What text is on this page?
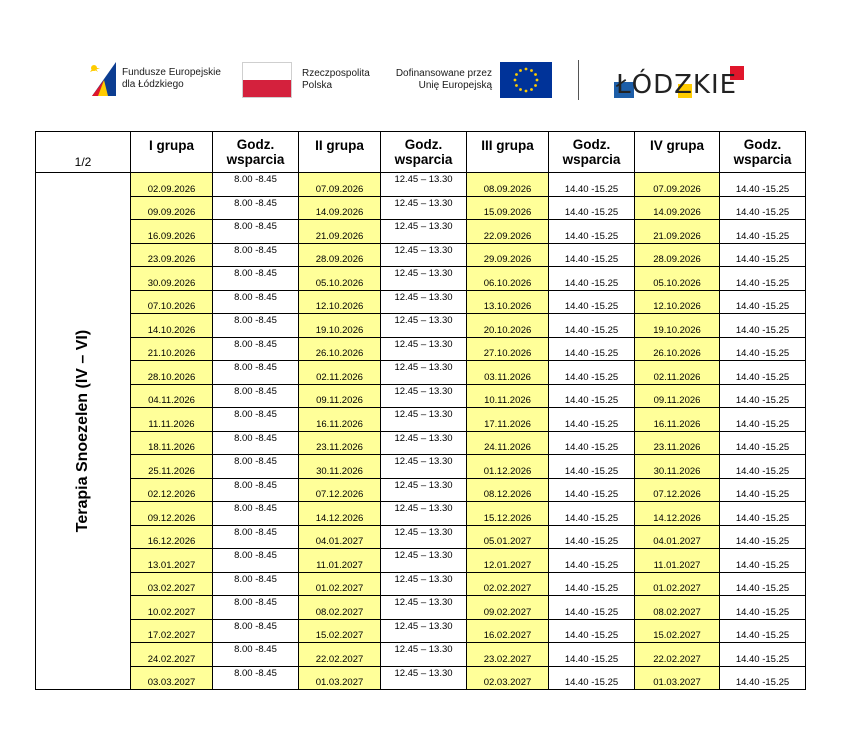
Fundusze Europejskie
dla Łódzkiego
Rzeczpospolita
Polska
Dofinansowane przez
Unię Europejską	ŁÓDZKIE
1/2	I grupa	Godz. wsparcia	II grupa	Godz. wsparcia	III grupa	Godz. wsparcia	IV grupa	Godz. wsparcia

Terapia Snoezelen (IV – VI)	02.09.2026	8.00 -8.45	07.09.2026	12.45 – 13.30	08.09.2026	14.40 -15.25	07.09.2026	14.40 -15.25
	09.09.2026	8.00 -8.45	14.09.2026	12.45 – 13.30	15.09.2026	14.40 -15.25	14.09.2026	14.40 -15.25
	16.09.2026	8.00 -8.45	21.09.2026	12.45 – 13.30	22.09.2026	14.40 -15.25	21.09.2026	14.40 -15.25
	23.09.2026	8.00 -8.45	28.09.2026	12.45 – 13.30	29.09.2026	14.40 -15.25	28.09.2026	14.40 -15.25
	30.09.2026	8.00 -8.45	05.10.2026	12.45 – 13.30	06.10.2026	14.40 -15.25	05.10.2026	14.40 -15.25
	07.10.2026	8.00 -8.45	12.10.2026	12.45 – 13.30	13.10.2026	14.40 -15.25	12.10.2026	14.40 -15.25
	14.10.2026	8.00 -8.45	19.10.2026	12.45 – 13.30	20.10.2026	14.40 -15.25	19.10.2026	14.40 -15.25
	21.10.2026	8.00 -8.45	26.10.2026	12.45 – 13.30	27.10.2026	14.40 -15.25	26.10.2026	14.40 -15.25
	28.10.2026	8.00 -8.45	02.11.2026	12.45 – 13.30	03.11.2026	14.40 -15.25	02.11.2026	14.40 -15.25
	04.11.2026	8.00 -8.45	09.11.2026	12.45 – 13.30	10.11.2026	14.40 -15.25	09.11.2026	14.40 -15.25
	11.11.2026	8.00 -8.45	16.11.2026	12.45 – 13.30	17.11.2026	14.40 -15.25	16.11.2026	14.40 -15.25
	18.11.2026	8.00 -8.45	23.11.2026	12.45 – 13.30	24.11.2026	14.40 -15.25	23.11.2026	14.40 -15.25
	25.11.2026	8.00 -8.45	30.11.2026	12.45 – 13.30	01.12.2026	14.40 -15.25	30.11.2026	14.40 -15.25
	02.12.2026	8.00 -8.45	07.12.2026	12.45 – 13.30	08.12.2026	14.40 -15.25	07.12.2026	14.40 -15.25
	09.12.2026	8.00 -8.45	14.12.2026	12.45 – 13.30	15.12.2026	14.40 -15.25	14.12.2026	14.40 -15.25
	16.12.2026	8.00 -8.45	04.01.2027	12.45 – 13.30	05.01.2027	14.40 -15.25	04.01.2027	14.40 -15.25
	13.01.2027	8.00 -8.45	11.01.2027	12.45 – 13.30	12.01.2027	14.40 -15.25	11.01.2027	14.40 -15.25
	03.02.2027	8.00 -8.45	01.02.2027	12.45 – 13.30	02.02.2027	14.40 -15.25	01.02.2027	14.40 -15.25
	10.02.2027	8.00 -8.45	08.02.2027	12.45 – 13.30	09.02.2027	14.40 -15.25	08.02.2027	14.40 -15.25
	17.02.2027	8.00 -8.45	15.02.2027	12.45 – 13.30	16.02.2027	14.40 -15.25	15.02.2027	14.40 -15.25
	24.02.2027	8.00 -8.45	22.02.2027	12.45 – 13.30	23.02.2027	14.40 -15.25	22.02.2027	14.40 -15.25
	03.03.2027	8.00 -8.45	01.03.2027	12.45 – 13.30	02.03.2027	14.40 -15.25	01.03.2027	14.40 -15.25
